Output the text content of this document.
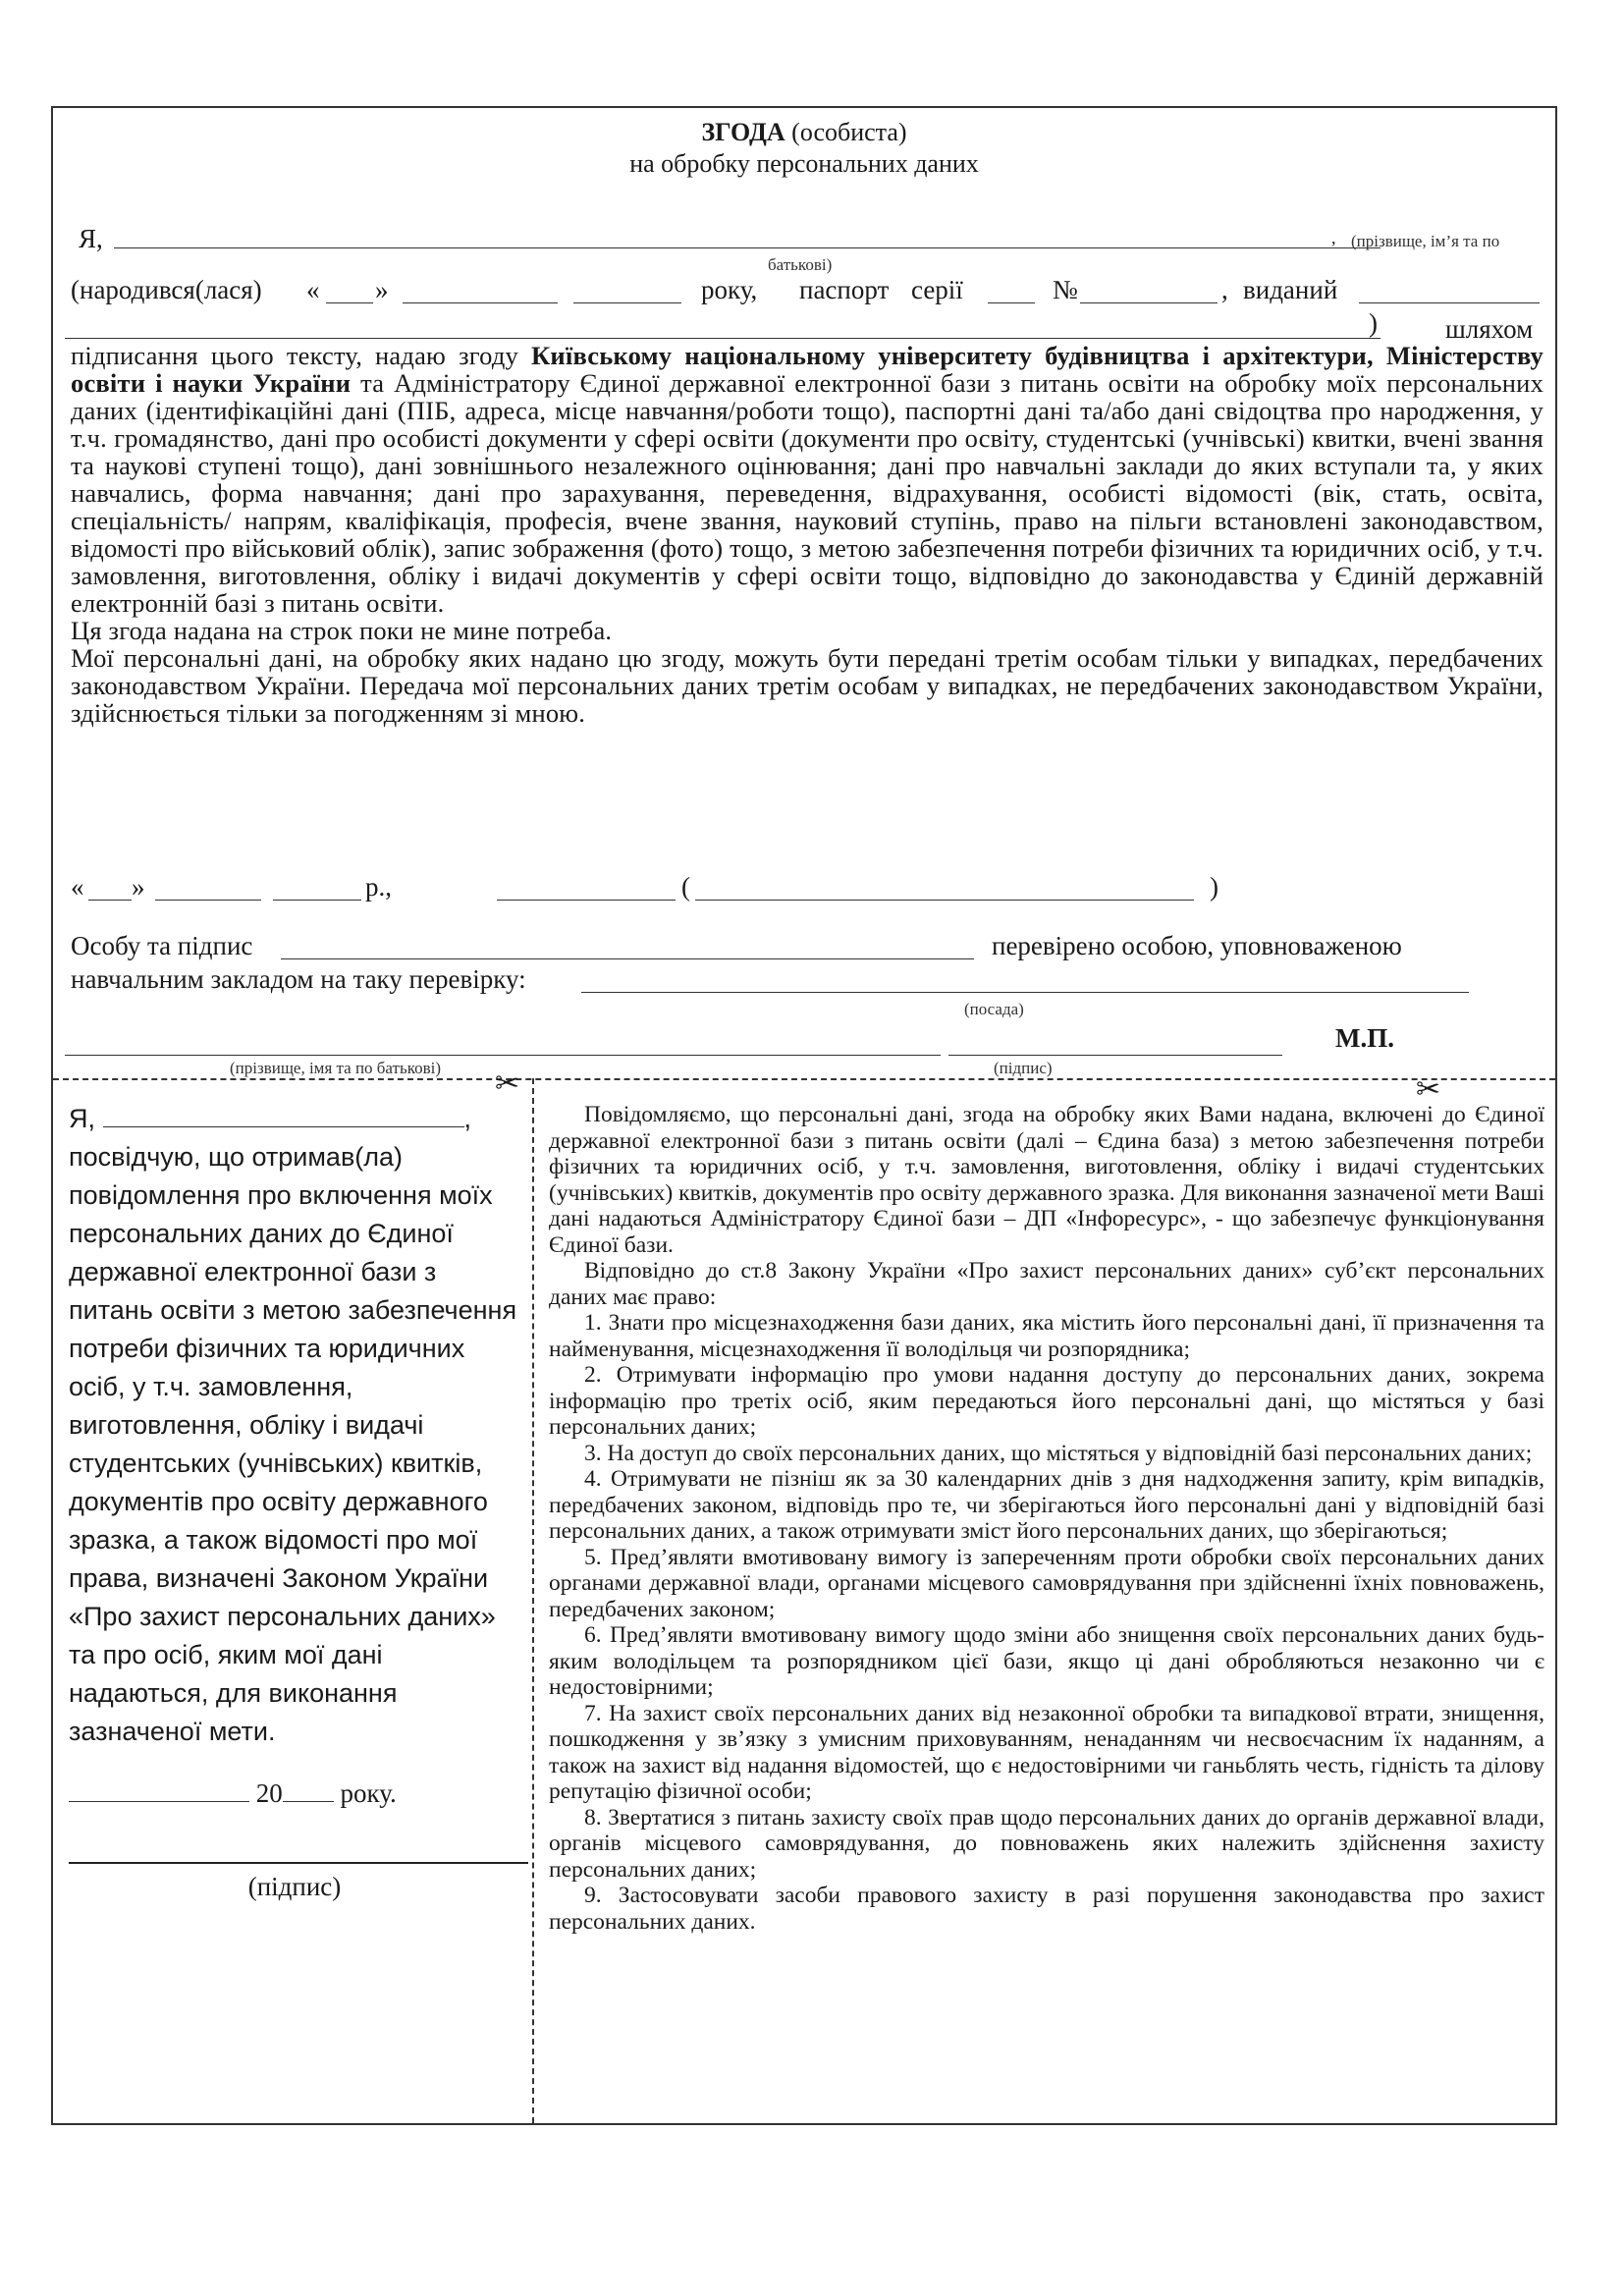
ЗГОДА (особиста)
на обробку персональних даних
Я,	, (прізвище, ім’я та по
батькові)
(народився(лася) « »	року, паспорт серії	№	, виданий
)	шляхом

підписання цього тексту, надаю згоду Київському національному університету будівництва і архітектури, Міністерству освіти і науки України та Адміністратору Єдиної державної електронної бази з питань освіти на обробку моїх персональних даних (ідентифікаційні дані (ПІБ, адреса, місце навчання/роботи тощо), паспортні дані та/або дані свідоцтва про народження, у т.ч. громадянство, дані про особисті документи у сфері освіти (документи про освіту, студентські (учнівські) квитки, вчені звання та наукові ступені тощо), дані зовнішнього незалежного оцінювання; дані про навчальні заклади до яких вступали та, у яких навчались, форма навчання; дані про зарахування, переведення, відрахування, особисті відомості (вік, стать, освіта, спеціальність/ напрям, кваліфікація, професія, вчене звання, науковий ступінь, право на пільги встановлені законодавством, відомості про військовий облік), запис зображення (фото) тощо, з метою забезпечення потреби фізичних та юридичних осіб, у т.ч. замовлення, виготовлення, обліку і видачі документів у сфері освіти тощо, відповідно до законодавства у Єдиній державній електронній базі з питань освіти.

Ця згода надана на строк поки не мине потреба.

Мої персональні дані, на обробку яких надано цю згоду, можуть бути передані третім особам тільки у випадках, передбачених законодавством України. Передача мої персональних даних третім особам у випадках, не передбачених законодавством України, здійснюється тільки за погодженням зі мною.

« »	р.,	(	)
Особу та підпис	перевірено особою, уповноваженою
навчальним закладом на таку перевірку:
(посада)
(прізвище, імя та по батькові)	(підпис)
М.П.
✂	✂

Я,	,

посвідчую, що отримав(ла) повідомлення про включення моїх персональних даних до Єдиної державної електронної бази з питань освіти з метою забезпечення потреби фізичних та юридичних осіб, у т.ч. замовлення, виготовлення, обліку і видачі студентських (учнівських) квитків, документів про освіту державного зразка, а також відомості про мої права, визначені Законом України «Про захист персональних даних» та про осіб, яким мої дані надаються, для виконання зазначеної мети.

20 року.

(підпис)

Повідомляємо, що персональні дані, згода на обробку яких Вами надана, включені до Єдиної державної електронної бази з питань освіти (далі – Єдина база) з метою забезпечення потреби фізичних та юридичних осіб, у т.ч. замовлення, виготовлення, обліку і видачі студентських (учнівських) квитків, документів про освіту державного зразка. Для виконання зазначеної мети Ваші дані надаються Адміністратору Єдиної бази – ДП «Інфоресурс», - що забезпечує функціонування Єдиної бази.

Відповідно до ст.8 Закону України «Про захист персональних даних» суб’єкт персональних даних має право:

1. Знати про місцезнаходження бази даних, яка містить його персональні дані, її призначення та найменування, місцезнаходження її володільця чи розпорядника;

2. Отримувати інформацію про умови надання доступу до персональних даних, зокрема інформацію про третіх осіб, яким передаються його персональні дані, що містяться у базі персональних даних;

3. На доступ до своїх персональних даних, що містяться у відповідній базі персональних даних;

4. Отримувати не пізніш як за 30 календарних днів з дня надходження запиту, крім випадків, передбачених законом, відповідь про те, чи зберігаються його персональні дані у відповідній базі персональних даних, а також отримувати зміст його персональних даних, що зберігаються;

5. Пред’являти вмотивовану вимогу із запереченням проти обробки своїх персональних даних органами державної влади, органами місцевого самоврядування при здійсненні їхніх повноважень, передбачених законом;

6. Пред’являти вмотивовану вимогу щодо зміни або знищення своїх персональних даних будь-яким володільцем та розпорядником цієї бази, якщо ці дані обробляються незаконно чи є недостовірними;

7. На захист своїх персональних даних від незаконної обробки та випадкової втрати, знищення, пошкодження у зв’язку з умисним приховуванням, ненаданням чи несвоєчасним їх наданням, а також на захист від надання відомостей, що є недостовірними чи ганьблять честь, гідність та ділову репутацію фізичної особи;

8. Звертатися з питань захисту своїх прав щодо персональних даних до органів державної влади, органів місцевого самоврядування, до повноважень яких належить здійснення захисту персональних даних;

9. Застосовувати засоби правового захисту в разі порушення законодавства про захист персональних даних.
